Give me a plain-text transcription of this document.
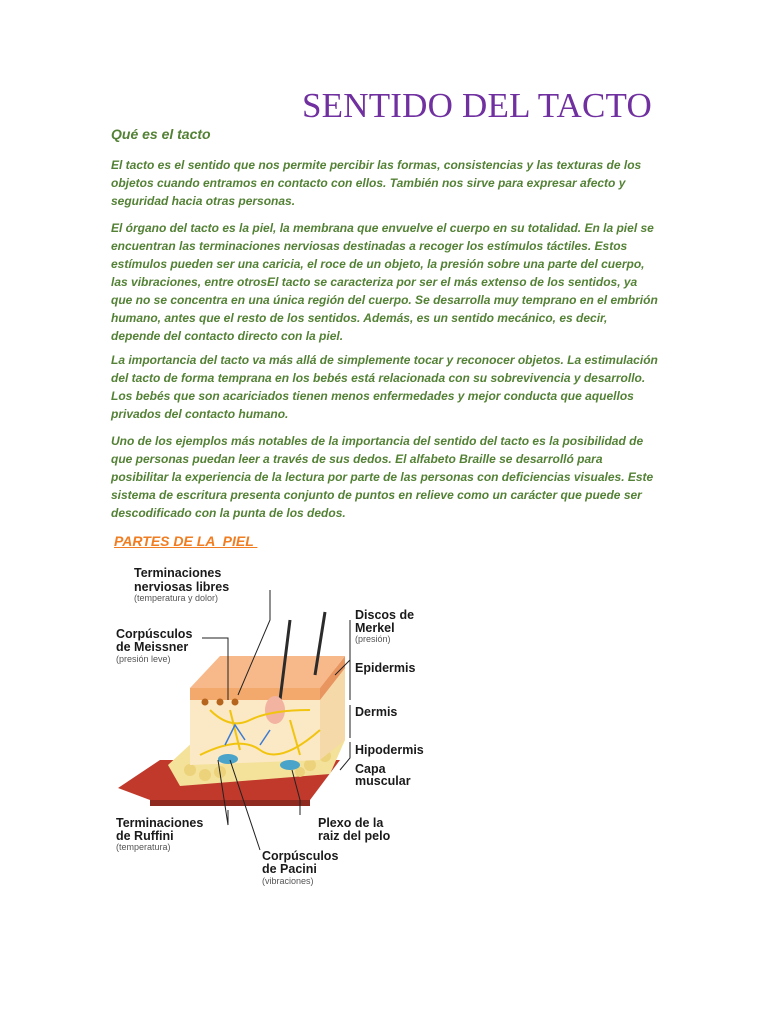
SENTIDO DEL TACTO
Qué es el tacto

El tacto es el sentido que nos permite percibir las formas, consistencias y las texturas de los objetos cuando entramos en contacto con ellos. También nos sirve para expresar afecto y seguridad hacia otras personas.

El órgano del tacto es la piel, la membrana que envuelve el cuerpo en su totalidad. En la piel se encuentran las terminaciones nerviosas destinadas a recoger los estímulos táctiles. Estos estímulos pueden ser una caricia, el roce de un objeto, la presión sobre una parte del cuerpo, las vibraciones, entre otrosEl tacto se caracteriza por ser el más extenso de los sentidos, ya que no se concentra en una única región del cuerpo. Se desarrolla muy temprano en el embrión humano, antes que el resto de los sentidos. Además, es un sentido mecánico, es decir, depende del contacto directo con la piel.

La importancia del tacto va más allá de simplemente tocar y reconocer objetos. La estimulación del tacto de forma temprana en los bebés está relacionada con su sobrevivencia y desarrollo. Los bebés que son acariciados tienen menos enfermedades y mejor conducta que aquellos privados del contacto humano.

Uno de los ejemplos más notables de la importancia del sentido del tacto es la posibilidad de que personas puedan leer a través de sus dedos. El alfabeto Braille se desarrolló para posibilitar la experiencia de la lectura por parte de las personas con deficiencias visuales. Este sistema de escritura presenta conjunto de puntos en relieve como un carácter que puede ser descodificado con la punta de los dedos.

PARTES DE LA  PIEL
Terminaciones
nerviosas libres
(temperatura y dolor)
Corpúsculos
de Meissner
(presión leve)
Discos de
Merkel
(presión)
Epidermis
Dermis
Hipodermis
Capa
muscular
Terminaciones
de Ruffini
(temperatura)
Plexo de la
raiz del pelo
Corpúsculos
de Pacini
(vibraciones)
